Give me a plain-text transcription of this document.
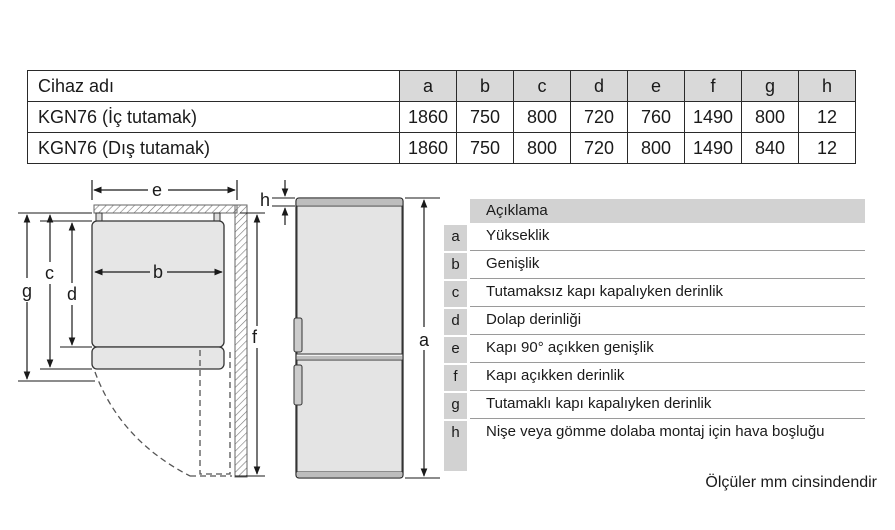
Cihaz adı	a	b	c	d	e	f	g	h
KGN76 (İç tutamak)	1860	750	800	720	760	1490	800	12
KGN76 (Dış tutamak)	1860	750	800	720	800	1490	840	12
e
b
g
c
d
f
h
a
Açıklama
a	Yükseklik
b	Genişlik
c	Tutamaksız kapı kapalıyken derinlik
d	Dolap derinliği
e	Kapı 90° açıkken genişlik
f	Kapı açıkken derinlik
g	Tutamaklı kapı kapalıyken derinlik
h	Nişe veya gömme dolaba montaj için hava boşluğu
Ölçüler mm cinsindendir
